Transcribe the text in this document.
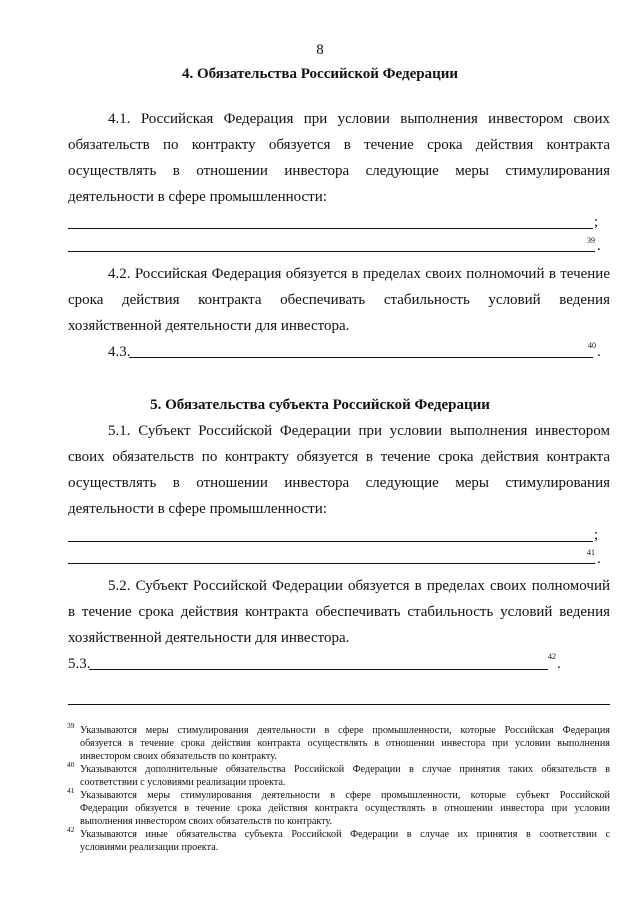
8
4. Обязательства Российской Федерации
4.1. Российская Федерация при условии выполнения инвестором своих
обязательств по контракту обязуется в течение срока действия контракта
осуществлять в отношении инвестора следующие меры стимулирования
деятельности в сфере промышленности:
;
39 .
4.2. Российская Федерация обязуется в пределах своих полномочий в течение
срока действия контракта обеспечивать стабильность условий ведения
хозяйственной деятельности для инвестора.
4.3.	40 .
5. Обязательства субъекта Российской Федерации
5.1. Субъект Российской Федерации при условии выполнения инвестором
своих обязательств по контракту обязуется в течение срока действия контракта
осуществлять в отношении инвестора следующие меры стимулирования
деятельности в сфере промышленности:
;
41 .
5.2. Субъект Российской Федерации обязуется в пределах своих полномочий
в течение срока действия контракта обеспечивать стабильность условий ведения
хозяйственной деятельности для инвестора.
5.3.	42 .
39 Указываются меры стимулирования деятельности в сфере промышленности, которые Российская Федерация
обязуется в течение срока действия контракта осуществлять в отношении инвестора при условии выполнения
инвестором своих обязательств по контракту.
40 Указываются дополнительные обязательства Российской Федерации в случае принятия таких обязательств в
соответствии с условиями реализации проекта.
41 Указываются меры стимулирования деятельности в сфере промышленности, которые субъект Российской
Федерации обязуется в течение срока действия контракта осуществлять в отношении инвестора при условии
выполнения инвестором своих обязательств по контракту.
42 Указываются иные обязательства субъекта Российской Федерации в случае их принятия в соответствии с
условиями реализации проекта.
